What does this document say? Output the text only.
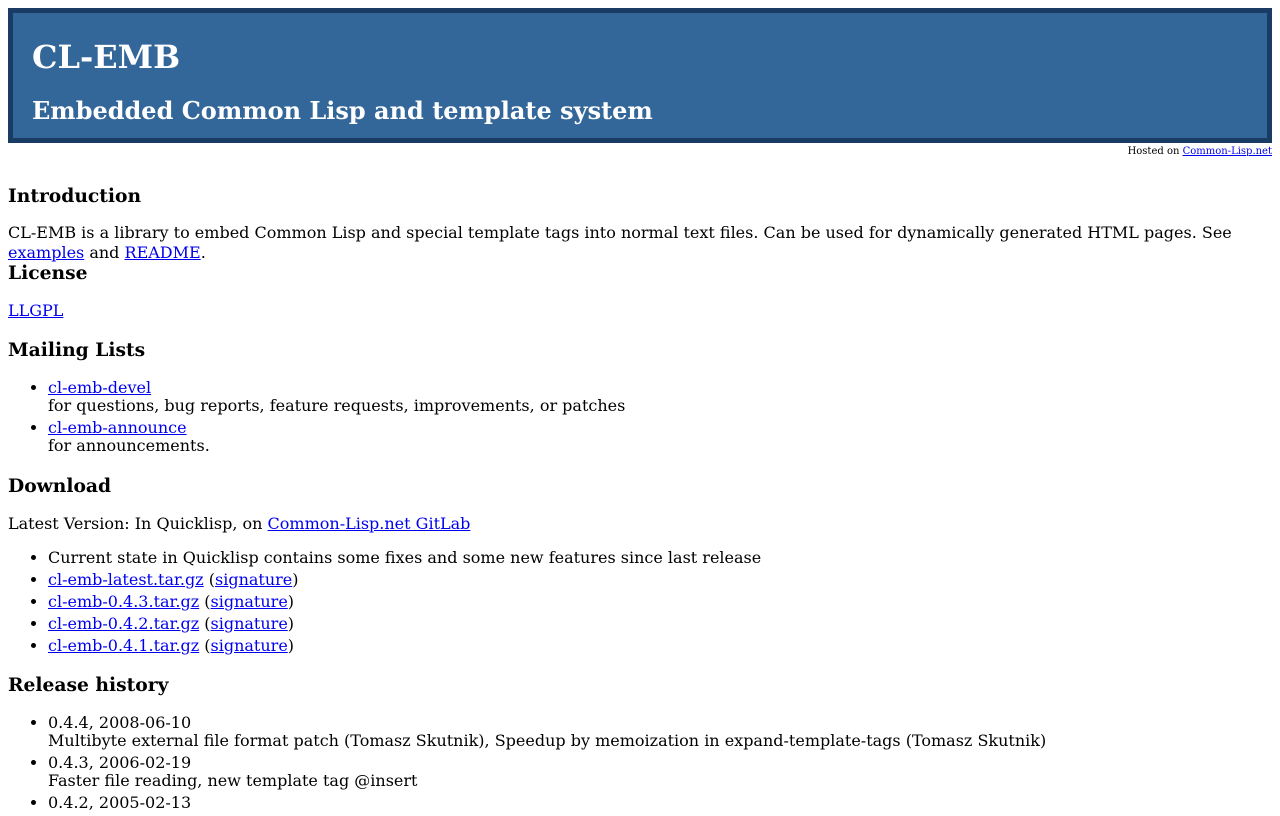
CL-EMB
Embedded Common Lisp and template system
Hosted on Common-Lisp.net
Introduction

CL-EMB is a library to embed Common Lisp and special template tags into normal text files. Can be used for dynamically generated HTML pages. See examples and README.

License

LLGPL

Mailing Lists
• cl-emb-devel
for questions, bug reports, feature requests, improvements, or patches
• cl-emb-announce
for announcements.
Download

Latest Version: In Quicklisp, on Common-Lisp.net GitLab

• Current state in Quicklisp contains some fixes and some new features since last release
• cl-emb-latest.tar.gz (signature)
• cl-emb-0.4.3.tar.gz (signature)
• cl-emb-0.4.2.tar.gz (signature)
• cl-emb-0.4.1.tar.gz (signature)
Release history
• 0.4.4, 2008-06-10
Multibyte external file format patch (Tomasz Skutnik), Speedup by memoization in expand-template-tags (Tomasz Skutnik)
• 0.4.3, 2006-02-19
Faster file reading, new template tag @insert
• 0.4.2, 2005-02-13
